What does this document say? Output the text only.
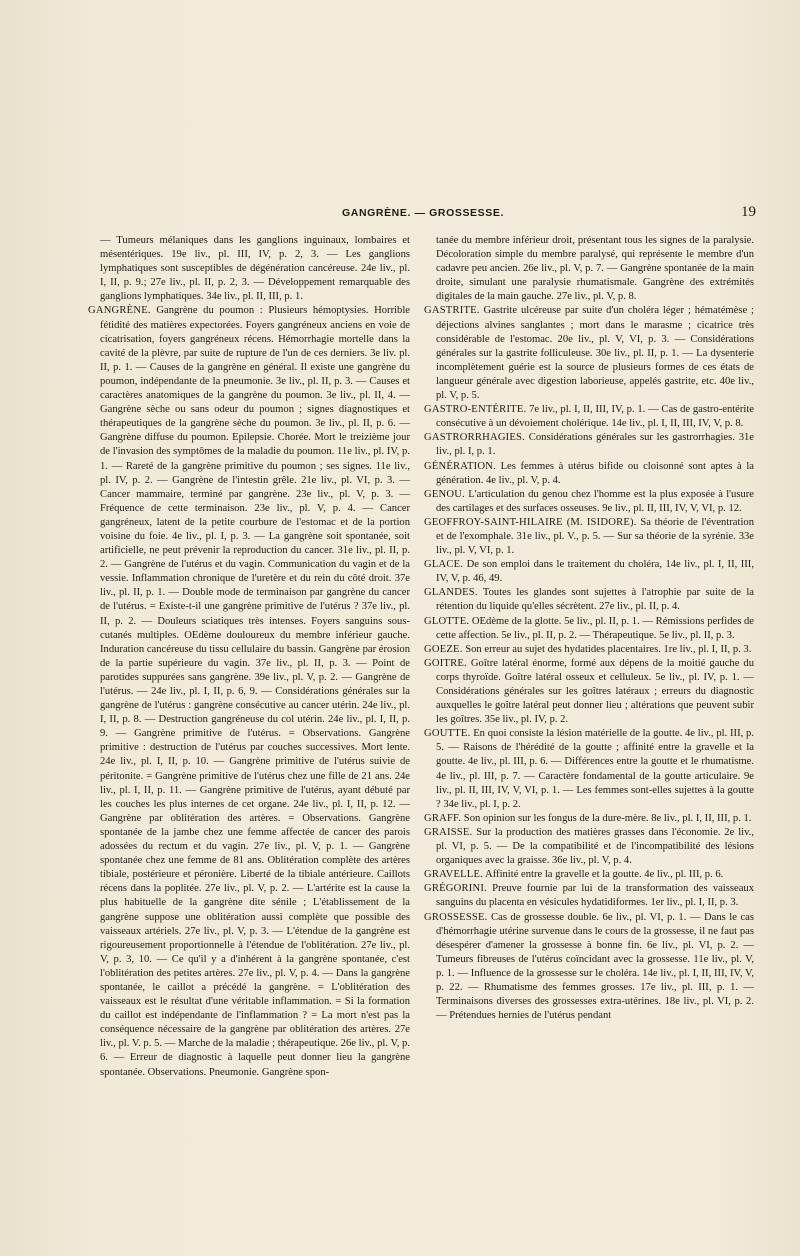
GANGRÈNE. — GROSSESSE.	19
— Tumeurs mélaniques dans les ganglions inguinaux, lombaires et mésentériques. 19e liv., pl. III, IV, p. 2, 3. — Les ganglions lymphatiques sont susceptibles de dégénération cancéreuse. 24e liv., pl. I, II, p. 9.; 27e liv., pl. II, p. 2, 3. — Développement remarquable des ganglions lymphatiques. 34e liv., pl. II, III, p. 1.
GANGRÈNE. Gangrène du poumon : Plusieurs hémoptysies. Horrible fétidité des matières expectorées. Foyers gangréneux anciens en voie de cicatrisation, foyers gangréneux récens. Hémorrhagie mortelle dans la cavité de la plèvre, par suite de rupture de l'un de ces derniers. 3e liv. pl. II, p. 1. — Causes de la gangrène en général. Il existe une gangrène du poumon, indépendante de la pneumonie. 3e liv., pl. II, p. 3. — Causes et caractères anatomiques de la gangrène du poumon. 3e liv., pl. II, 4. — Gangrène sèche ou sans odeur du poumon ; signes diagnostiques et thérapeutiques de la gangrène sèche du poumon. 3e liv., pl. II, p. 6. — Gangrène diffuse du poumon. Epilepsie. Chorée. Mort le treizième jour de l'invasion des symptômes de la maladie du poumon. 11e liv., pl. IV, p. 1. — Rareté de la gangrène primitive du poumon ; ses signes. 11e liv., pl. IV, p. 2. — Gangrène de l'intestin grêle. 21e liv., pl. VI, p. 3. — Cancer mammaire, terminé par gangrène. 23e liv., pl. V, p. 3. — Fréquence de cette terminaison. 23e liv., pl. V, p. 4. — Cancer gangréneux, latent de la petite courbure de l'estomac et de la portion voisine du foie. 4e liv., pl. I, p. 3. — La gangrène soit spontanée, soit artificielle, ne peut prévenir la reproduction du cancer. 31e liv., pl. II, p. 2. — Gangrène de l'utérus et du vagin. Communication du vagin et de la vessie. Inflammation chronique de l'uretère et du rein du côté droit. 37e liv., pl. II, p. 1. — Double mode de terminaison par gangrène du cancer de l'utérus. = Existe-t-il une gangrène primitive de l'utérus ? 37e liv., pl. II, p. 2. — Douleurs sciatiques très intenses. Foyers sanguins sous-cutanés multiples. OEdème douloureux du membre inférieur gauche. Induration cancéreuse du tissu cellulaire du bassin. Gangrène par érosion de la partie supérieure du vagin. 37e liv., pl. II, p. 3. — Point de parotides suppurées sans gangrène. 39e liv., pl. V, p. 2. — Gangrène de l'utérus. — 24e liv., pl. I, II, p. 6, 9. — Considérations générales sur la gangrène de l'utérus : gangrène consécutive au cancer utérin. 24e liv., pl. I, II, p. 8. — Destruction gangréneuse du col utérin. 24e liv., pl. I, II, p. 9. — Gangrène primitive de l'utérus. = Observations. Gangrène primitive : destruction de l'utérus par couches successives. Mort lente. 24e liv., pl. I, II, p. 10. — Gangrène primitive de l'utérus suivie de péritonite. = Gangrène primitive de l'utérus chez une fille de 21 ans. 24e liv., pl. I, II, p. 11. — Gangrène primitive de l'utérus, ayant débuté par les couches les plus internes de cet organe. 24e liv., pl. I, II, p. 12. — Gangrène par oblitération des artères. = Observations. Gangrène spontanée de la jambe chez une femme affectée de cancer des parois adossées du rectum et du vagin. 27e liv., pl. V, p. 1. — Gangrène spontanée chez une femme de 81 ans. Oblitération complète des artères tibiale, postérieure et péronière. Liberté de la tibiale antérieure. Caillots récens dans la poplitée. 27e liv., pl. V, p. 2. — L'artérite est la cause la plus habituelle de la gangrène dite sénile ; L'établissement de la gangrène suppose une oblitération aussi complète que possible des vaisseaux artériels. 27e liv., pl. V, p. 3. — L'étendue de la gangrène est rigoureusement proportionnelle à l'étendue de l'oblitération. 27e liv., pl. V, p. 3, 10. — Ce qu'il y a d'inhérent à la gangrène spontanée, c'est l'oblitération des petites artères. 27e liv., pl. V, p. 4. — Dans la gangrène spontanée, le caillot a précédé la gangrène. = L'oblitération des vaisseaux est le résultat d'une véritable inflammation. = Si la formation du caillot est indépendante de l'inflammation ? = La mort n'est pas la conséquence nécessaire de la gangrène par oblitération des artères. 27e liv., pl. V. p. 5. — Marche de la maladie ; thérapeutique. 26e liv., pl. V, p. 6. — Erreur de diagnostic à laquelle peut donner lieu la gangrène spontanée. Observations. Pneumonie. Gangrène spon-
tanée du membre inférieur droit, présentant tous les signes de la paralysie. Décoloration simple du membre paralysé, qui représente le membre d'un cadavre peu ancien. 26e liv., pl. V, p. 7. — Gangrène spontanée de la main droite, simulant une paralysie rhumatismale. Gangrène des extrémités digitales de la main gauche. 27e liv., pl. V, p. 8.
GASTRITE. Gastrite ulcéreuse par suite d'un choléra léger ; hématémèse ; déjections alvines sanglantes ; mort dans le marasme ; cicatrice très considérable de l'estomac. 20e liv., pl. V, VI, p. 3. — Considérations générales sur la gastrite folliculeuse. 30e liv., pl. II, p. 1. — La dysenterie incomplètement guérie est la source de plusieurs formes de ces états de langueur générale avec digestion laborieuse, appelés gastrite, etc. 40e liv., pl. V, p. 5.
GASTRO-ENTÉRITE. 7e liv., pl. I, II, III, IV, p. 1. — Cas de gastro-entérite consécutive à un dévoiement cholérique. 14e liv., pl. I, II, III, IV, V, p. 8.
GASTRORRHAGIES. Considérations générales sur les gastrorrhagies. 31e liv., pl. I, p. 1.
GÉNÉRATION. Les femmes à utérus bifide ou cloisonné sont aptes à la génération. 4e liv., pl. V, p. 4.
GENOU. L'articulation du genou chez l'homme est la plus exposée à l'usure des cartilages et des surfaces osseuses. 9e liv., pl. II, III, IV, V, VI, p. 12.
GEOFFROY-SAINT-HILAIRE (M. ISIDORE). Sa théorie de l'éventration et de l'exomphale. 31e liv., pl. V., p. 5. — Sur sa théorie de la syrénie. 33e liv., pl. V, VI, p. 1.
GLACE. De son emploi dans le traitement du choléra, 14e liv., pl. I, II, III, IV, V, p. 46, 49.
GLANDES. Toutes les glandes sont sujettes à l'atrophie par suite de la rétention du liquide qu'elles sécrètent. 27e liv., pl. II, p. 4.
GLOTTE. OEdème de la glotte. 5e liv., pl. II, p. 1. — Rémissions perfides de cette affection. 5e liv., pl. II, p. 2. — Thérapeutique. 5e liv., pl. II, p. 3.
GOEZE. Son erreur au sujet des hydatides placentaires. 1re liv., pl. I, II, p. 3.
GOITRE. Goître latéral énorme, formé aux dépens de la moitié gauche du corps thyroïde. Goître latéral osseux et celluleux. 5e liv., pl. IV, p. 1. — Considérations générales sur les goîtres latéraux ; erreurs du diagnostic auxquelles le goître latéral peut donner lieu ; altérations que peuvent subir les goîtres. 35e liv., pl. IV, p. 2.
GOUTTE. En quoi consiste la lésion matérielle de la goutte. 4e liv., pl. III, p. 5. — Raisons de l'hérédité de la goutte ; affinité entre la gravelle et la goutte. 4e liv., pl. III, p. 6. — Différences entre la goutte et le rhumatisme. 4e liv., pl. III, p. 7. — Caractère fondamental de la goutte articulaire. 9e liv., pl. II, III, IV, V, VI, p. 1. — Les femmes sont-elles sujettes à la goutte ? 34e liv., pl. I, p. 2.
GRAFF. Son opinion sur les fongus de la dure-mère. 8e liv., pl. I, II, III, p. 1.
GRAISSE. Sur la production des matières grasses dans l'économie. 2e liv., pl. VI, p. 5. — De la compatibilité et de l'incompatibilité des lésions organiques avec la graisse. 36e liv., pl. V, p. 4.
GRAVELLE. Affinité entre la gravelle et la goutte. 4e liv., pl. III, p. 6.
GRÉGORINI. Preuve fournie par lui de la transformation des vaisseaux sanguins du placenta en vésicules hydatidiformes. 1er liv., pl. I, II, p. 3.
GROSSESSE. Cas de grossesse double. 6e liv., pl. VI, p. 1. — Dans le cas d'hémorrhagie utérine survenue dans le cours de la grossesse, il ne faut pas désespérer d'amener la grossesse à bonne fin. 6e liv., pl. VI, p. 2. — Tumeurs fibreuses de l'utérus coïncidant avec la grossesse. 11e liv., pl. V, p. 1. — Influence de la grossesse sur le choléra. 14e liv., pl. I, II, III, IV, V, p. 22. — Rhumatisme des femmes grosses. 17e liv., pl. III, p. 1. — Terminaisons diverses des grossesses extra-utérines. 18e liv., pl. VI, p. 2. — Prétendues hernies de l'utérus pendant
